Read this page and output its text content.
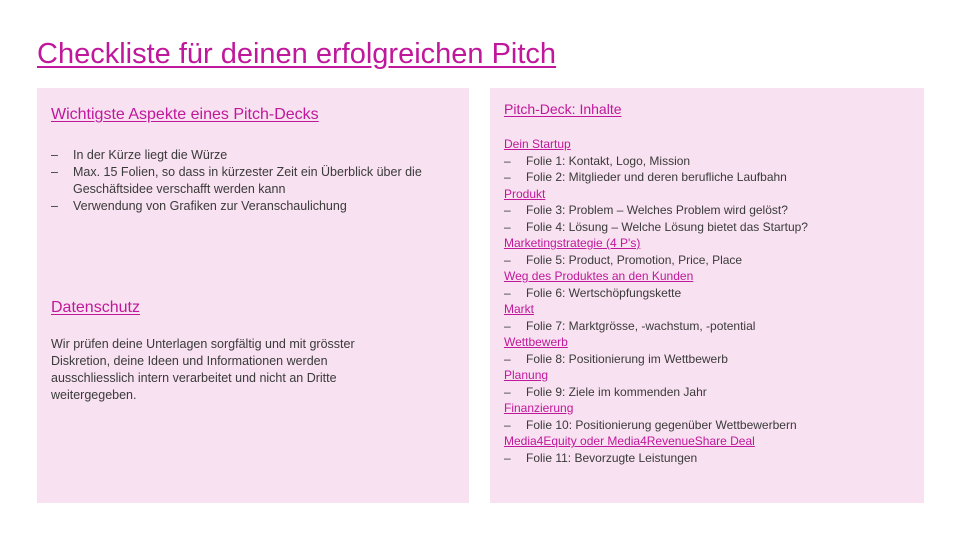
Checkliste für deinen erfolgreichen Pitch
Wichtigste Aspekte eines Pitch-Decks
– In der Kürze liegt die Würze
– Max. 15 Folien, so dass in kürzester Zeit ein Überblick über die Geschäftsidee verschafft werden kann
– Verwendung von Grafiken zur Veranschaulichung
Datenschutz

Wir prüfen deine Unterlagen sorgfältig und mit grösster Diskretion, deine Ideen und Informationen werden ausschliesslich intern verarbeitet und nicht an Dritte weitergegeben.

Pitch-Deck: Inhalte
Dein Startup
– Folie 1: Kontakt, Logo, Mission
– Folie 2: Mitglieder und deren berufliche Laufbahn
Produkt
– Folie 3: Problem – Welches Problem wird gelöst?
– Folie 4: Lösung – Welche Lösung bietet das Startup?
Marketingstrategie (4 P's)
– Folie 5: Product, Promotion, Price, Place
Weg des Produktes an den Kunden
– Folie 6: Wertschöpfungskette
Markt
– Folie 7: Marktgrösse, -wachstum, -potential
Wettbewerb
– Folie 8: Positionierung im Wettbewerb
Planung
– Folie 9: Ziele im kommenden Jahr
Finanzierung
– Folie 10: Positionierung gegenüber Wettbewerbern
Media4Equity oder Media4RevenueShare Deal
– Folie 11: Bevorzugte Leistungen
